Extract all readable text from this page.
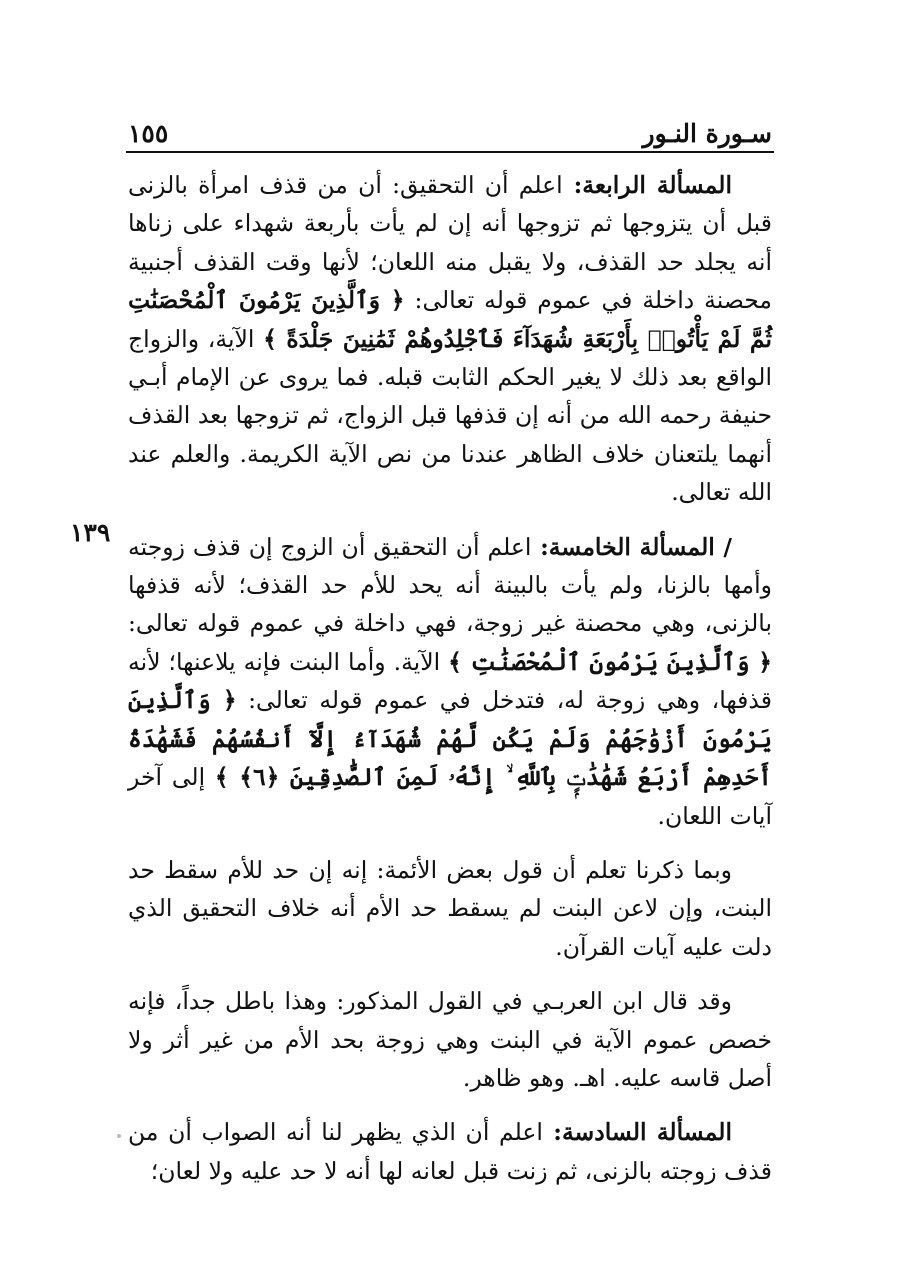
سـورة النـور
١٥٥
١٣٩

المسألة الرابعة: اعلم أن التحقيق: أن من قذف امرأة بالزنى قبل أن يتزوجها ثم تزوجها أنه إن لم يأت بأربعة شهداء على زناها أنه يجلد حد القذف، ولا يقبل منه اللعان؛ لأنها وقت القذف أجنبية محصنة داخلة في عموم قوله تعالى: ﴿ وَٱلَّذِينَ يَرْمُونَ ٱلْمُحْصَنَٰتِ ثُمَّ لَمْ يَأْتُوا۟ بِأَرْبَعَةِ شُهَدَآءَ فَٱجْلِدُوهُمْ ثَمَٰنِينَ جَلْدَةً ﴾ الآية، والزواج الواقع بعد ذلك لا يغير الحكم الثابت قبله. فما يروى عن الإمام أبـي حنيفة رحمه الله من أنه إن قذفها قبل الزواج، ثم تزوجها بعد القذف أنهما يلتعنان خلاف الظاهر عندنا من نص الآية الكريمة. والعلم عند الله تعالى.

/ المسألة الخامسة: اعلم أن التحقيق أن الزوج إن قذف زوجته وأمها بالزنا، ولم يأت بالبينة أنه يحد للأم حد القذف؛ لأنه قذفها بالزنى، وهي محصنة غير زوجة، فهي داخلة في عموم قوله تعالى: ﴿ وَٱلَّذِينَ يَرْمُونَ ٱلْمُحْصَنَٰتِ ﴾ الآية. وأما البنت فإنه يلاعنها؛ لأنه قذفها، وهي زوجة له، فتدخل في عموم قوله تعالى: ﴿ وَٱلَّذِينَ يَرْمُونَ أَزْوَٰجَهُمْ وَلَمْ يَكُن لَّهُمْ شُهَدَآءُ إِلَّآ أَنفُسُهُمْ فَشَهَٰدَةُ أَحَدِهِمْ أَرْبَعُ شَهَٰدَٰتٍۭ بِٱللَّهِ ۙ إِنَّهُۥ لَمِنَ ٱلصَّٰدِقِينَ ﴿٦﴾ ﴾ إلى آخر آيات اللعان.

وبما ذكرنا تعلم أن قول بعض الأئمة: إنه إن حد للأم سقط حد البنت، وإن لاعن البنت لم يسقط حد الأم أنه خلاف التحقيق الذي دلت عليه آيات القرآن.

وقد قال ابن العربـي في القول المذكور: وهذا باطل جداً، فإنه خصص عموم الآية في البنت وهي زوجة بحد الأم من غير أثر ولا أصل قاسه عليه. اهـ. وهو ظاهر.

المسألة السادسة: اعلم أن الذي يظهر لنا أنه الصواب أن من قذف زوجته بالزنى، ثم زنت قبل لعانه لها أنه لا حد عليه ولا لعان؛
